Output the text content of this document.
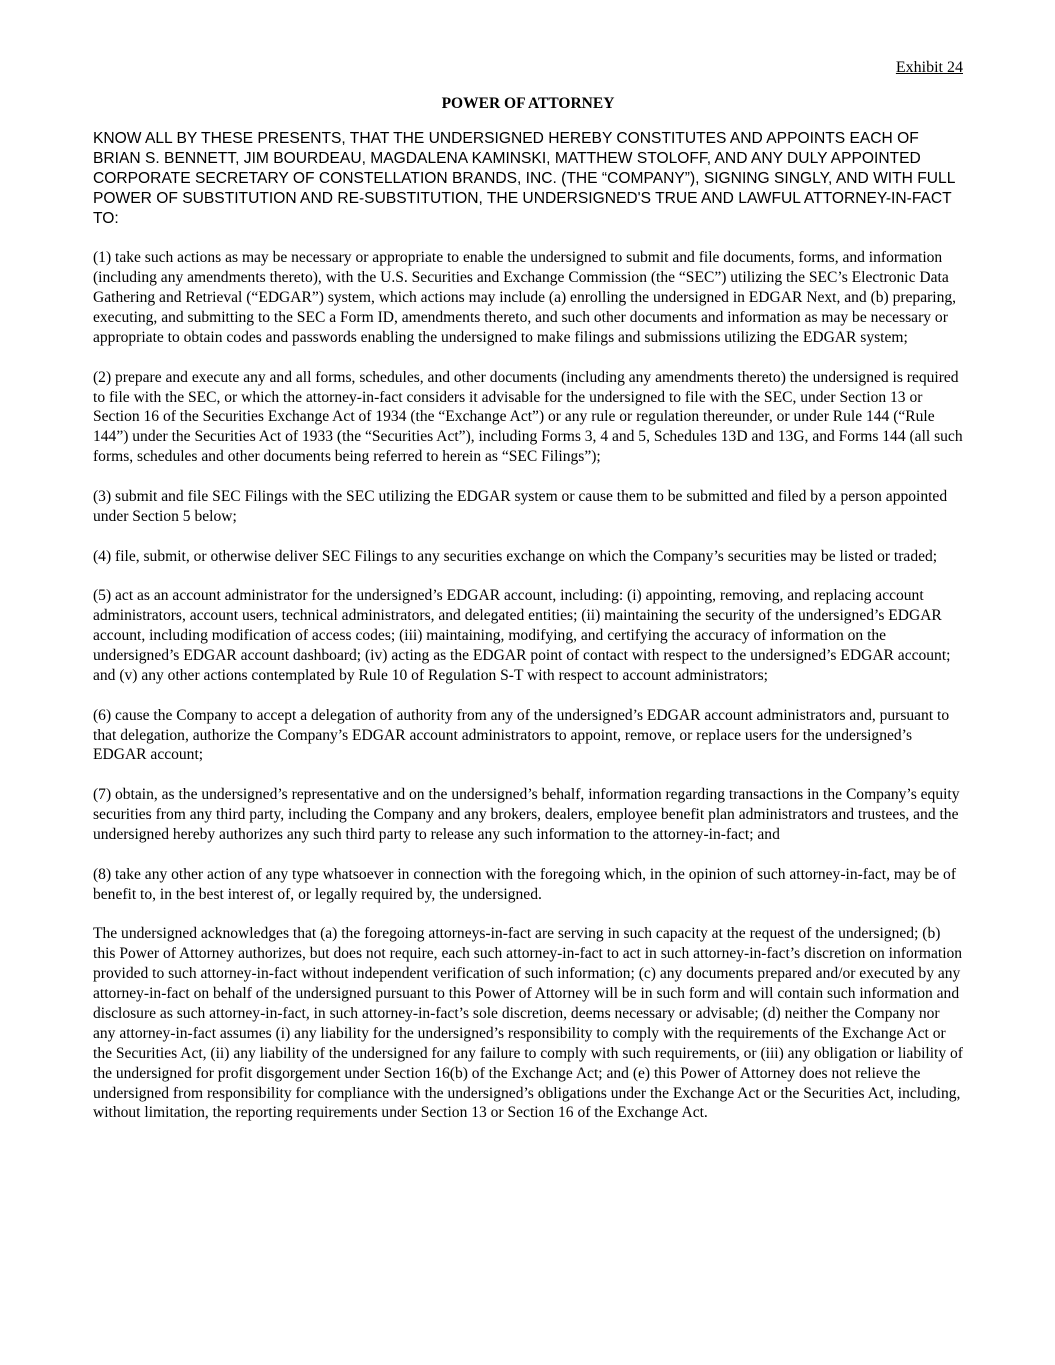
Exhibit 24

POWER OF ATTORNEY

KNOW ALL BY THESE PRESENTS, THAT THE UNDERSIGNED HEREBY CONSTITUTES AND APPOINTS EACH OF BRIAN S. BENNETT, JIM BOURDEAU, MAGDALENA KAMINSKI, MATTHEW STOLOFF, AND ANY DULY APPOINTED CORPORATE SECRETARY OF CONSTELLATION BRANDS, INC. (THE “COMPANY”), SIGNING SINGLY, AND WITH FULL POWER OF SUBSTITUTION AND RE-SUBSTITUTION, THE UNDERSIGNED'S TRUE AND LAWFUL ATTORNEY-IN-FACT TO:

(1) take such actions as may be necessary or appropriate to enable the undersigned to submit and file documents, forms, and information (including any amendments thereto), with the U.S. Securities and Exchange Commission (the “SEC”) utilizing the SEC’s Electronic Data Gathering and Retrieval (“EDGAR”) system, which actions may include (a) enrolling the undersigned in EDGAR Next, and (b) preparing, executing, and submitting to the SEC a Form ID, amendments thereto, and such other documents and information as may be necessary or appropriate to obtain codes and passwords enabling the undersigned to make filings and submissions utilizing the EDGAR system;

(2) prepare and execute any and all forms, schedules, and other documents (including any amendments thereto) the undersigned is required to file with the SEC, or which the attorney-in-fact considers it advisable for the undersigned to file with the SEC, under Section 13 or Section 16 of the Securities Exchange Act of 1934 (the “Exchange Act”) or any rule or regulation thereunder, or under Rule 144 (“Rule 144”) under the Securities Act of 1933 (the “Securities Act”), including Forms 3, 4 and 5, Schedules 13D and 13G, and Forms 144 (all such forms, schedules and other documents being referred to herein as “SEC Filings”);

(3) submit and file SEC Filings with the SEC utilizing the EDGAR system or cause them to be submitted and filed by a person appointed under Section 5 below;

(4) file, submit, or otherwise deliver SEC Filings to any securities exchange on which the Company’s securities may be listed or traded;

(5) act as an account administrator for the undersigned’s EDGAR account, including: (i) appointing, removing, and replacing account administrators, account users, technical administrators, and delegated entities; (ii) maintaining the security of the undersigned’s EDGAR account, including modification of access codes; (iii) maintaining, modifying, and certifying the accuracy of information on the undersigned’s EDGAR account dashboard; (iv) acting as the EDGAR point of contact with respect to the undersigned’s EDGAR account; and (v) any other actions contemplated by Rule 10 of Regulation S-T with respect to account administrators;

(6) cause the Company to accept a delegation of authority from any of the undersigned’s EDGAR account administrators and, pursuant to that delegation, authorize the Company’s EDGAR account administrators to appoint, remove, or replace users for the undersigned’s EDGAR account;

(7) obtain, as the undersigned’s representative and on the undersigned’s behalf, information regarding transactions in the Company’s equity securities from any third party, including the Company and any brokers, dealers, employee benefit plan administrators and trustees, and the undersigned hereby authorizes any such third party to release any such information to the attorney-in-fact; and

(8) take any other action of any type whatsoever in connection with the foregoing which, in the opinion of such attorney-in-fact, may be of benefit to, in the best interest of, or legally required by, the undersigned.

The undersigned acknowledges that (a) the foregoing attorneys-in-fact are serving in such capacity at the request of the undersigned; (b) this Power of Attorney authorizes, but does not require, each such attorney-in-fact to act in such attorney-in-fact’s discretion on information provided to such attorney-in-fact without independent verification of such information; (c) any documents prepared and/or executed by any attorney-in-fact on behalf of the undersigned pursuant to this Power of Attorney will be in such form and will contain such information and disclosure as such attorney-in-fact, in such attorney-in-fact’s sole discretion, deems necessary or advisable; (d) neither the Company nor any attorney-in-fact assumes (i) any liability for the undersigned’s responsibility to comply with the requirements of the Exchange Act or the Securities Act, (ii) any liability of the undersigned for any failure to comply with such requirements, or (iii) any obligation or liability of the undersigned for profit disgorgement under Section 16(b) of the Exchange Act; and (e) this Power of Attorney does not relieve the undersigned from responsibility for compliance with the undersigned’s obligations under the Exchange Act or the Securities Act, including, without limitation, the reporting requirements under Section 13 or Section 16 of the Exchange Act.
